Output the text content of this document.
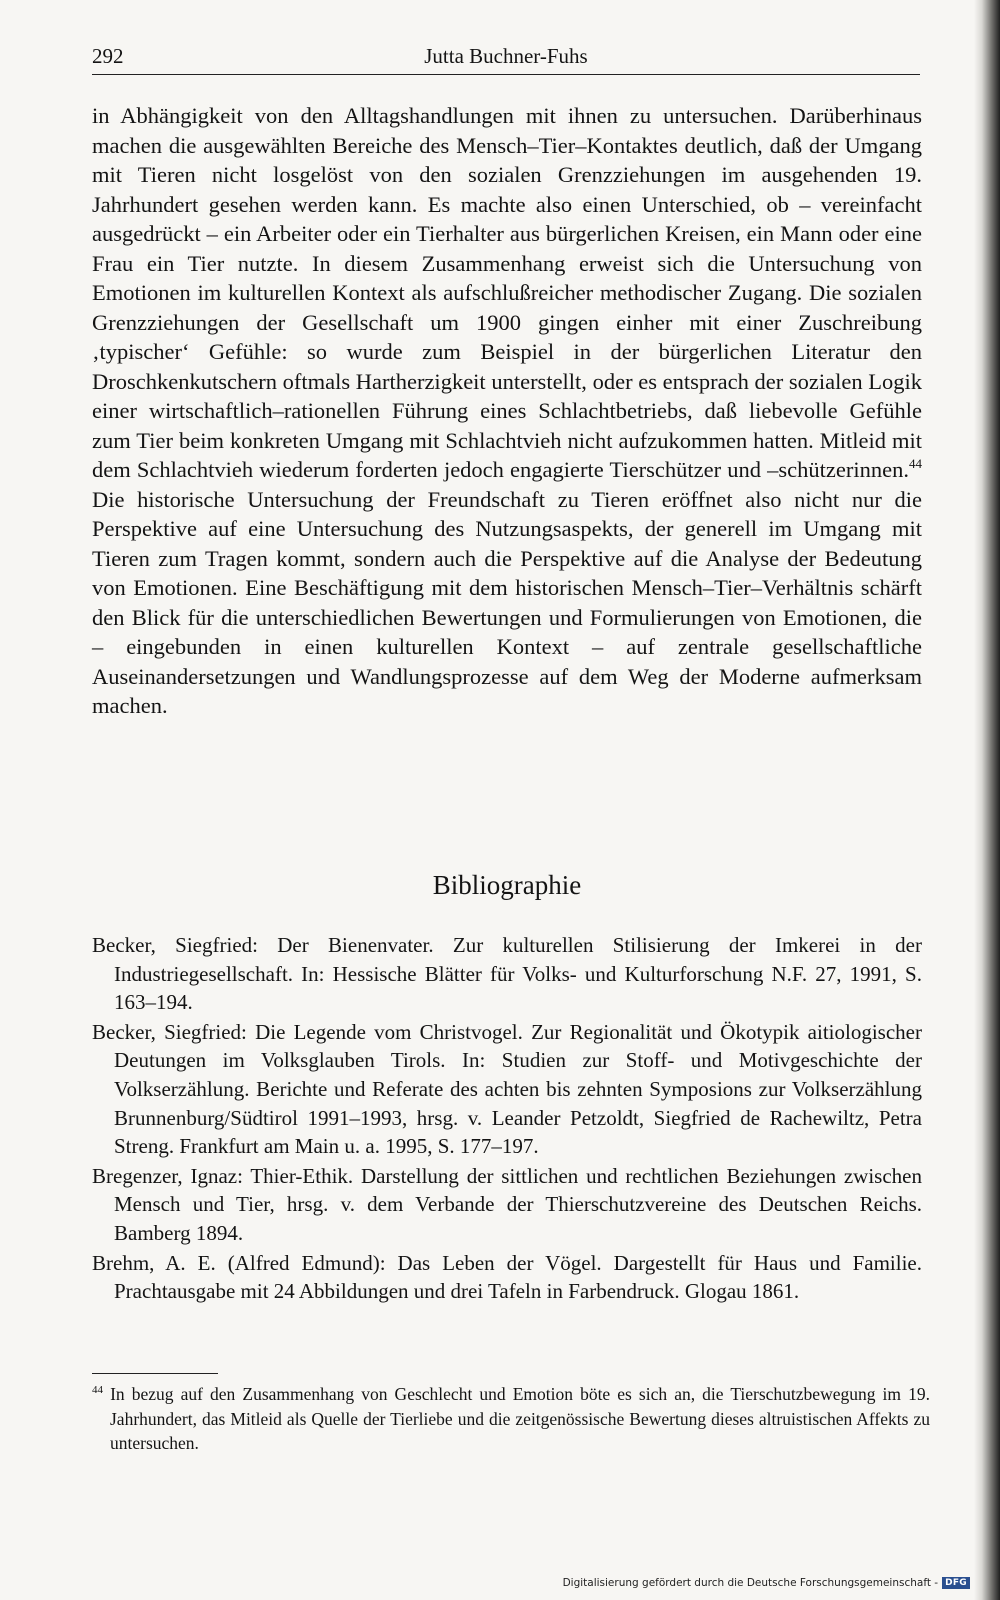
292	Jutta Buchner-Fuhs

in Abhängigkeit von den Alltagshandlungen mit ihnen zu untersuchen. Darüberhinaus machen die ausgewählten Bereiche des Mensch–Tier–Kontaktes deutlich, daß der Umgang mit Tieren nicht losgelöst von den sozialen Grenzziehungen im ausgehenden 19. Jahrhundert gesehen werden kann. Es machte also einen Unterschied, ob – vereinfacht ausgedrückt – ein Arbeiter oder ein Tierhalter aus bürgerlichen Kreisen, ein Mann oder eine Frau ein Tier nutzte. In diesem Zusammenhang erweist sich die Untersuchung von Emotionen im kulturellen Kontext als aufschlußreicher methodischer Zugang. Die sozialen Grenzziehungen der Gesellschaft um 1900 gingen einher mit einer Zuschreibung ‚typischer‘ Gefühle: so wurde zum Beispiel in der bürgerlichen Literatur den Droschkenkutschern oftmals Hartherzigkeit unterstellt, oder es entsprach der sozialen Logik einer wirtschaftlich–rationellen Führung eines Schlachtbetriebs, daß liebevolle Gefühle zum Tier beim konkreten Umgang mit Schlachtvieh nicht aufzukommen hatten. Mitleid mit dem Schlachtvieh wiederum forderten jedoch engagierte Tierschützer und –schützerinnen.$^{44}$ Die historische Untersuchung der Freundschaft zu Tieren eröffnet also nicht nur die Perspektive auf eine Untersuchung des Nutzungsaspekts, der generell im Umgang mit Tieren zum Tragen kommt, sondern auch die Perspektive auf die Analyse der Bedeutung von Emotionen. Eine Beschäftigung mit dem historischen Mensch–Tier–Verhältnis schärft den Blick für die unterschiedlichen Bewertungen und Formulierungen von Emotionen, die – eingebunden in einen kulturellen Kontext – auf zentrale gesellschaftliche Auseinandersetzungen und Wandlungsprozesse auf dem Weg der Moderne aufmerksam machen.

Bibliographie
Becker, Siegfried: Der Bienenvater. Zur kulturellen Stilisierung der Imkerei in der Industriegesellschaft. In: Hessische Blätter für Volks- und Kulturforschung N.F. 27, 1991, S. 163–194.
Becker, Siegfried: Die Legende vom Christvogel. Zur Regionalität und Ökotypik aitiologischer Deutungen im Volksglauben Tirols. In: Studien zur Stoff- und Motivgeschichte der Volkserzählung. Berichte und Referate des achten bis zehnten Symposions zur Volkserzählung Brunnenburg/Südtirol 1991–1993, hrsg. v. Leander Petzoldt, Siegfried de Rachewiltz, Petra Streng. Frankfurt am Main u. a. 1995, S. 177–197.
Bregenzer, Ignaz: Thier-Ethik. Darstellung der sittlichen und rechtlichen Beziehungen zwischen Mensch und Tier, hrsg. v. dem Verbande der Thierschutzvereine des Deutschen Reichs. Bamberg 1894.
Brehm, A. E. (Alfred Edmund): Das Leben der Vögel. Dargestellt für Haus und Familie. Prachtausgabe mit 24 Abbildungen und drei Tafeln in Farbendruck. Glogau 1861.
$^{44}$ In bezug auf den Zusammenhang von Geschlecht und Emotion böte es sich an, die Tierschutzbewegung im 19. Jahrhundert, das Mitleid als Quelle der Tierliebe und die zeitgenössische Bewertung dieses altruistischen Affekts zu untersuchen.
Digitalisierung gefördert durch die Deutsche Forschungsgemeinschaft - DFG
